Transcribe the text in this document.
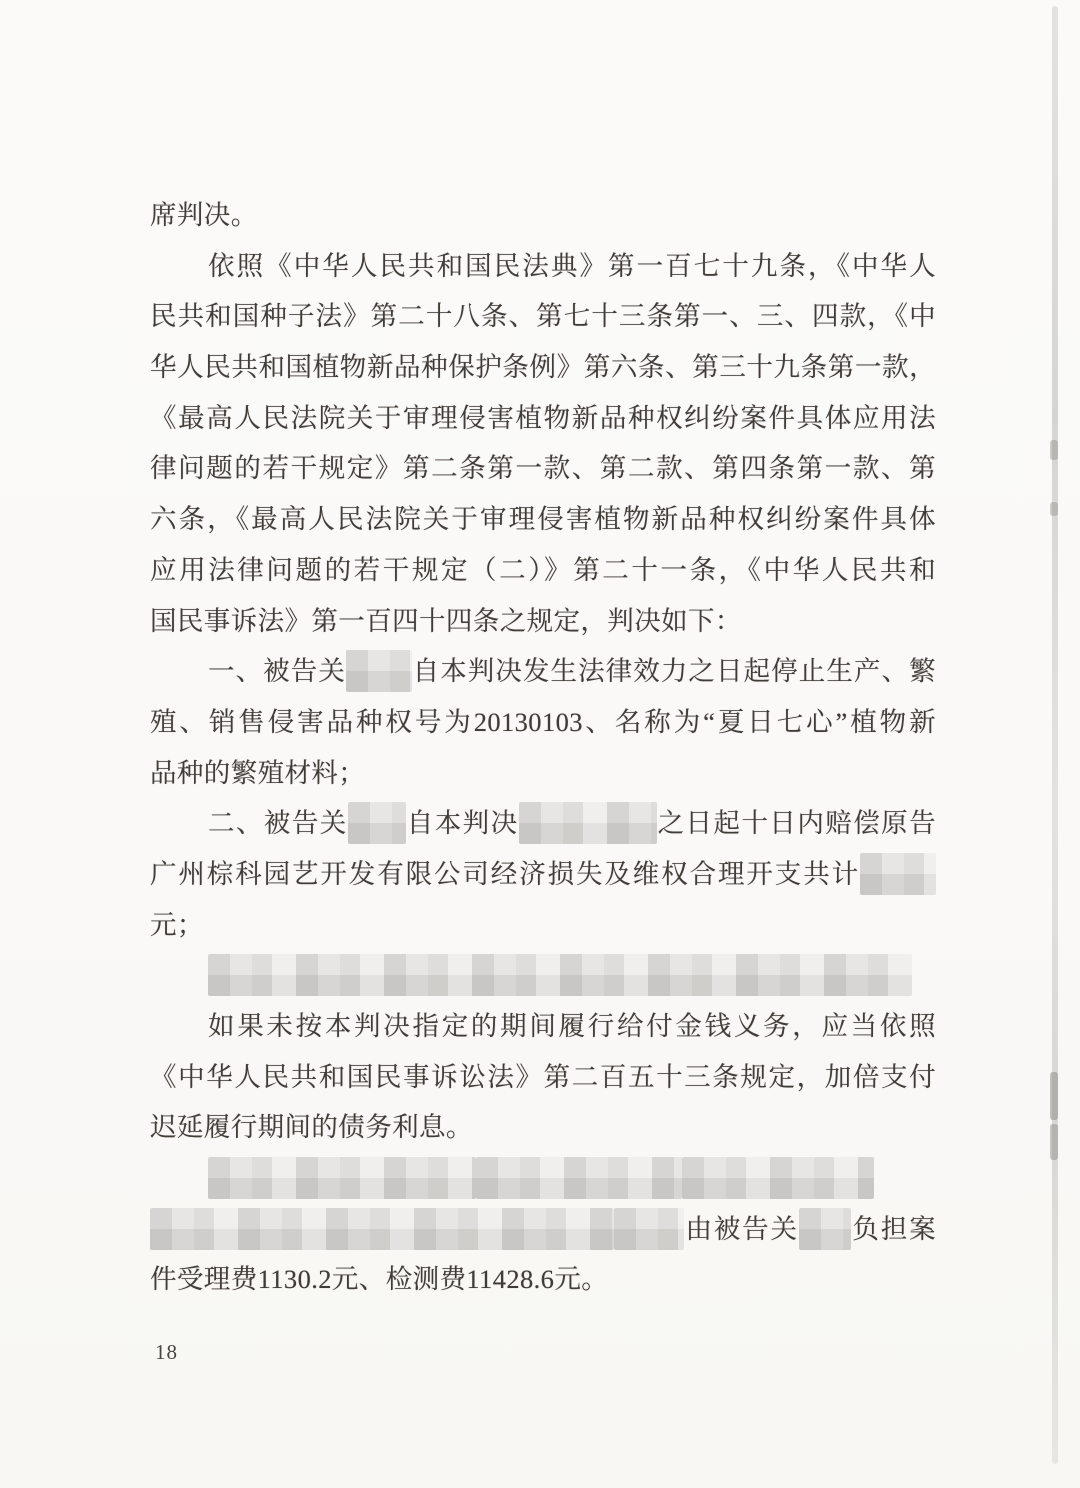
席判决。
依照《中华人民共和国民法典》第一百七十九条，《中华人
民共和国种子法》第二十八条、第七十三条第一、三、四款，《中
华人民共和国植物新品种保护条例》第六条、第三十九条第一款，
《最高人民法院关于审理侵害植物新品种权纠纷案件具体应用法
律问题的若干规定》第二条第一款、第二款、第四条第一款、第
六条，《最高人民法院关于审理侵害植物新品种权纠纷案件具体
应用法律问题的若干规定（二）》第二十一条，《中华人民共和
国民事诉法》第一百四十四条之规定，判决如下：
一、被告关 自本判决发生法律效力之日起停止生产、繁
殖、销售侵害品种权号为20130103、名称为“夏日七心”植物新
品种的繁殖材料；
二、被告关 自本判决	之日起十日内赔偿原告
广州棕科园艺开发有限公司经济损失及维权合理开支共计
元；
如果未按本判决指定的期间履行给付金钱义务，应当依照
《中华人民共和国民事诉讼法》第二百五十三条规定，加倍支付
迟延履行期间的债务利息。
由被告关 负担案
件受理费1130.2元、检测费11428.6元。
18
